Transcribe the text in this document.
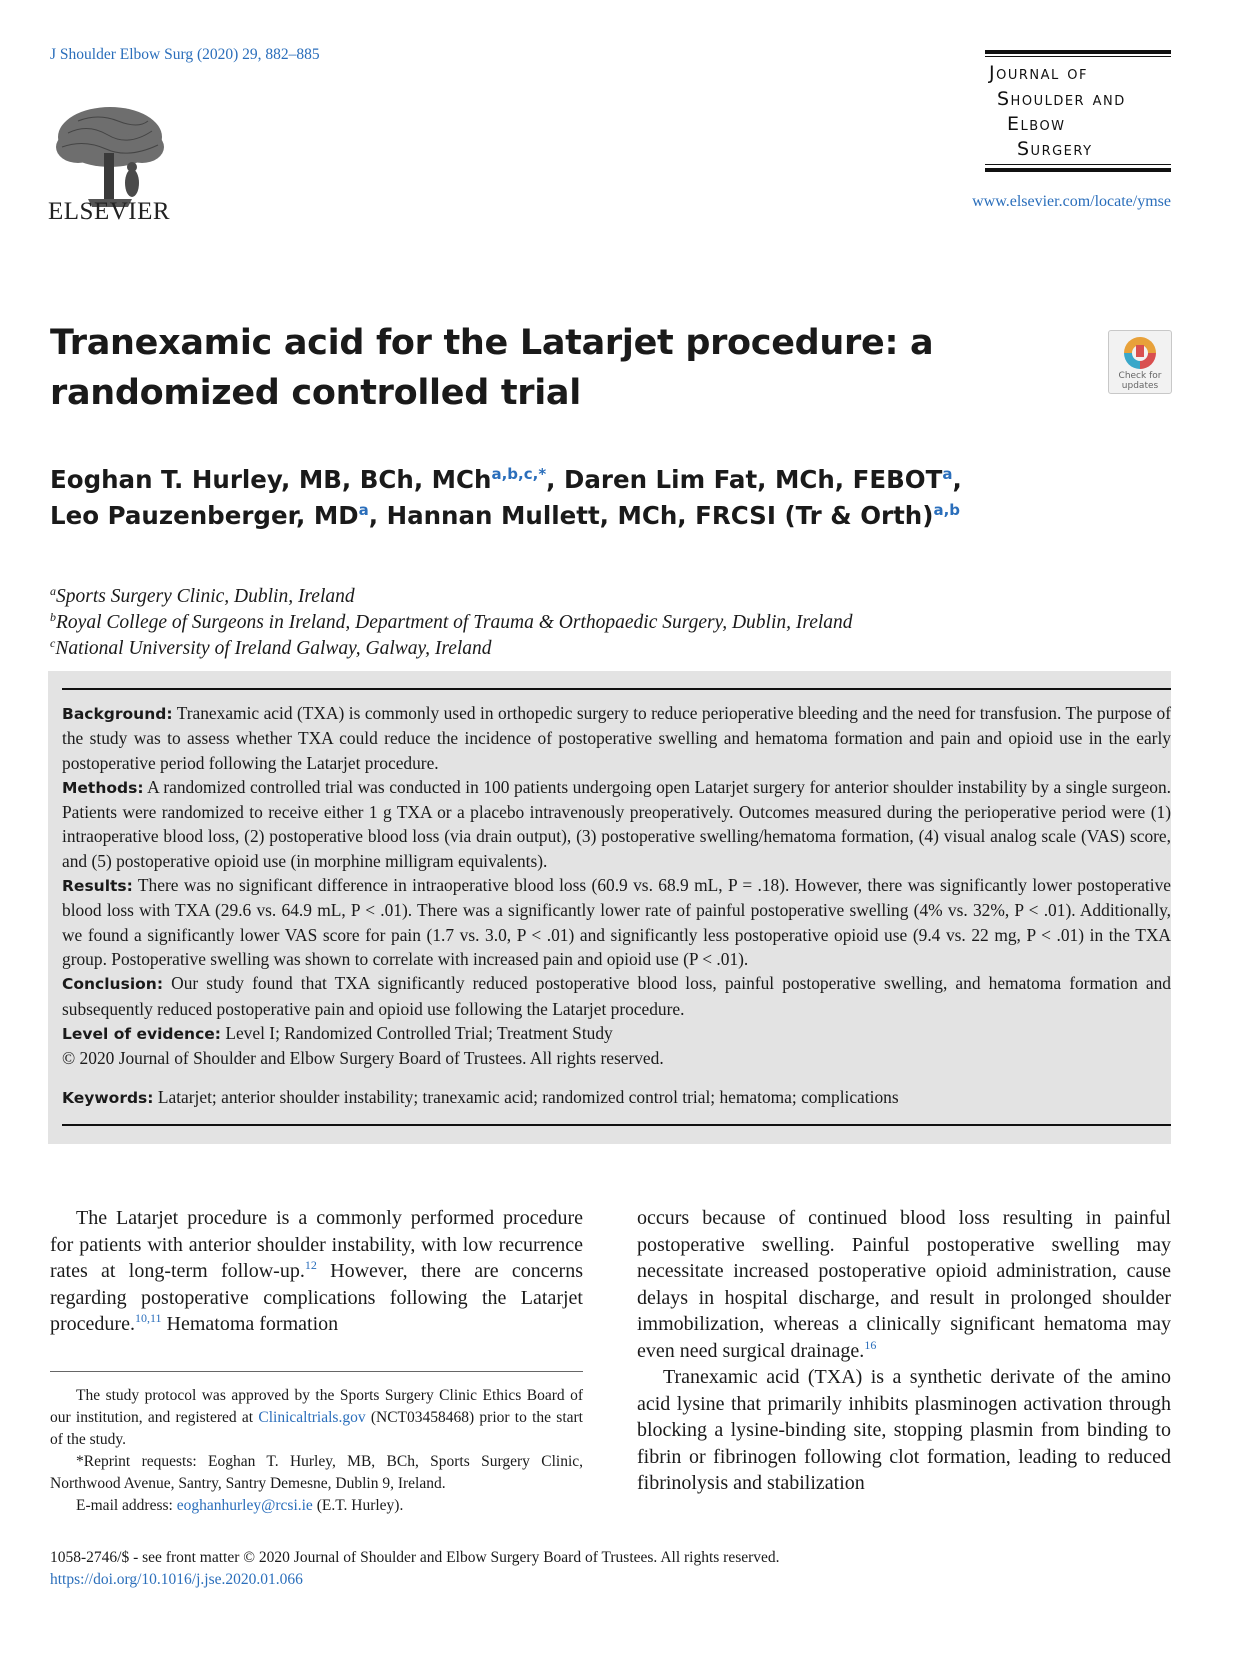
J Shoulder Elbow Surg (2020) 29, 882–885
ELSEVIER
Journal of
Shoulder and
Elbow
Surgery
www.elsevier.com/locate/ymse
Tranexamic acid for the Latarjet procedure: a randomized controlled trial	Check for updates
Eoghan T. Hurley, MB, BCh, MCh$^{a,b,c,*}$, Daren Lim Fat, MCh, FEBOT$^a$,
Leo Pauzenberger, $MD^a$, Hannan Mullett, MCh, FRCSI (Tr & Orth)$^{a,b}$
$^a$Sports Surgery Clinic, Dublin, Ireland
$^b$Royal College of Surgeons in Ireland, Department of Trauma & Orthopaedic Surgery, Dublin, Ireland
$^c$National University of Ireland Galway, Galway, Ireland

Background: Tranexamic acid (TXA) is commonly used in orthopedic surgery to reduce perioperative bleeding and the need for transfusion. The purpose of the study was to assess whether TXA could reduce the incidence of postoperative swelling and hematoma formation and pain and opioid use in the early postoperative period following the Latarjet procedure.

Methods: A randomized controlled trial was conducted in 100 patients undergoing open Latarjet surgery for anterior shoulder instability by a single surgeon. Patients were randomized to receive either 1 g TXA or a placebo intravenously preoperatively. Outcomes measured during the perioperative period were (1) intraoperative blood loss, (2) postoperative blood loss (via drain output), (3) postoperative swelling/hematoma formation, (4) visual analog scale (VAS) score, and (5) postoperative opioid use (in morphine milligram equivalents).

Results: There was no significant difference in intraoperative blood loss (60.9 vs. 68.9 mL, P = .18). However, there was significantly lower postoperative blood loss with TXA (29.6 vs. 64.9 mL, P < .01). There was a significantly lower rate of painful postoperative swelling (4% vs. 32%, P < .01). Additionally, we found a significantly lower VAS score for pain (1.7 vs. 3.0, P < .01) and significantly less postoperative opioid use (9.4 vs. 22 mg, P < .01) in the TXA group. Postoperative swelling was shown to correlate with increased pain and opioid use (P < .01).

Conclusion: Our study found that TXA significantly reduced postoperative blood loss, painful postoperative swelling, and hematoma formation and subsequently reduced postoperative pain and opioid use following the Latarjet procedure.

Level of evidence: Level I; Randomized Controlled Trial; Treatment Study

© 2020 Journal of Shoulder and Elbow Surgery Board of Trustees. All rights reserved.

Keywords: Latarjet; anterior shoulder instability; tranexamic acid; randomized control trial; hematoma; complications

The Latarjet procedure is a commonly performed procedure for patients with anterior shoulder instability, with low recurrence rates at long-term follow-up.$^{12}$ However, there are concerns regarding postoperative complications following the Latarjet procedure.$^{10,11}$ Hematoma formation

The study protocol was approved by the Sports Surgery Clinic Ethics Board of our institution, and registered at Clinicaltrials.gov (NCT03458468) prior to the start of the study.

*Reprint requests: Eoghan T. Hurley, MB, BCh, Sports Surgery Clinic, Northwood Avenue, Santry, Santry Demesne, Dublin 9, Ireland.

E-mail address: eoghanhurley@rcsi.ie (E.T. Hurley).

occurs because of continued blood loss resulting in painful postoperative swelling. Painful postoperative swelling may necessitate increased postoperative opioid administration, cause delays in hospital discharge, and result in prolonged shoulder immobilization, whereas a clinically significant hematoma may even need surgical drainage.$^{16}$

Tranexamic acid (TXA) is a synthetic derivate of the amino acid lysine that primarily inhibits plasminogen activation through blocking a lysine-binding site, stopping plasmin from binding to fibrin or fibrinogen following clot formation, leading to reduced fibrinolysis and stabilization

1058-2746/$ - see front matter © 2020 Journal of Shoulder and Elbow Surgery Board of Trustees. All rights reserved.
https://doi.org/10.1016/j.jse.2020.01.066
